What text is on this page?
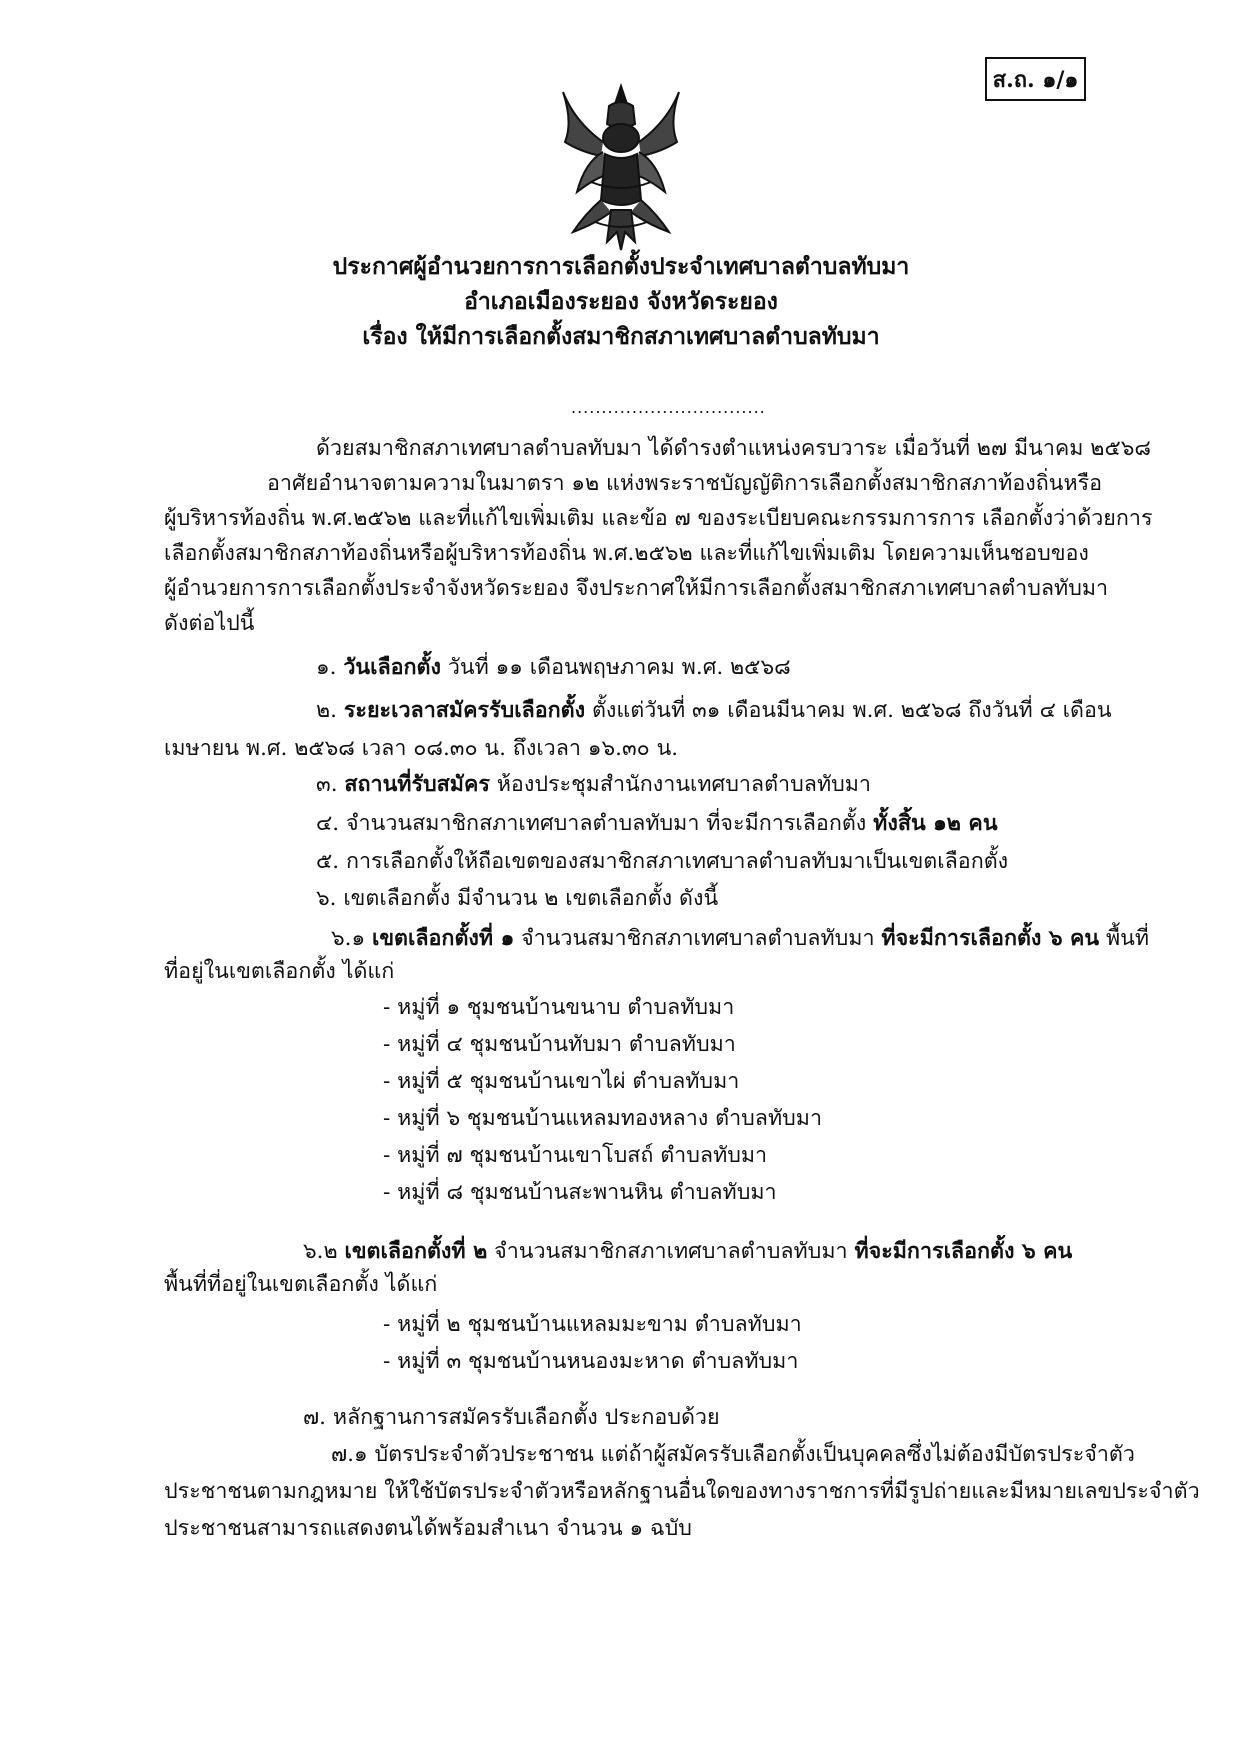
ส.ถ. ๑/๑
ประกาศผู้อำนวยการการเลือกตั้งประจำเทศบาลตำบลทับมา
อำเภอเมืองระยอง จังหวัดระยอง
เรื่อง ให้มีการเลือกตั้งสมาชิกสภาเทศบาลตำบลทับมา
................................
ด้วยสมาชิกสภาเทศบาลตำบลทับมา ได้ดำรงตำแหน่งครบวาระ เมื่อวันที่ ๒๗ มีนาคม ๒๕๖๘
อาศัยอำนาจตามความในมาตรา ๑๒ แห่งพระราชบัญญัติการเลือกตั้งสมาชิกสภาท้องถิ่นหรือ
ผู้บริหารท้องถิ่น พ.ศ.๒๕๖๒ และที่แก้ไขเพิ่มเติม และข้อ ๗ ของระเบียบคณะกรรมการการ เลือกตั้งว่าด้วยการ
เลือกตั้งสมาชิกสภาท้องถิ่นหรือผู้บริหารท้องถิ่น พ.ศ.๒๕๖๒ และที่แก้ไขเพิ่มเติม โดยความเห็นชอบของ
ผู้อำนวยการการเลือกตั้งประจำจังหวัดระยอง จึงประกาศให้มีการเลือกตั้งสมาชิกสภาเทศบาลตำบลทับมา
ดังต่อไปนี้
๑. วันเลือกตั้ง วันที่ ๑๑ เดือนพฤษภาคม พ.ศ. ๒๕๖๘
๒. ระยะเวลาสมัครรับเลือกตั้ง ตั้งแต่วันที่ ๓๑ เดือนมีนาคม พ.ศ. ๒๕๖๘ ถึงวันที่ ๔ เดือน
เมษายน พ.ศ. ๒๕๖๘ เวลา ๐๘.๓๐ น. ถึงเวลา ๑๖.๓๐ น.
๓. สถานที่รับสมัคร ห้องประชุมสำนักงานเทศบาลตำบลทับมา
๔. จำนวนสมาชิกสภาเทศบาลตำบลทับมา ที่จะมีการเลือกตั้ง ทั้งสิ้น ๑๒ คน
๕. การเลือกตั้งให้ถือเขตของสมาชิกสภาเทศบาลตำบลทับมาเป็นเขตเลือกตั้ง
๖. เขตเลือกตั้ง มีจำนวน ๒ เขตเลือกตั้ง ดังนี้
๖.๑ เขตเลือกตั้งที่ ๑ จำนวนสมาชิกสภาเทศบาลตำบลทับมา ที่จะมีการเลือกตั้ง ๖ คน พื้นที่
ที่อยู่ในเขตเลือกตั้ง ได้แก่
- หมู่ที่ ๑ ชุมชนบ้านขนาบ ตำบลทับมา
- หมู่ที่ ๔ ชุมชนบ้านทับมา ตำบลทับมา
- หมู่ที่ ๕ ชุมชนบ้านเขาไผ่ ตำบลทับมา
- หมู่ที่ ๖ ชุมชนบ้านแหลมทองหลาง ตำบลทับมา
- หมู่ที่ ๗ ชุมชนบ้านเขาโบสถ์ ตำบลทับมา
- หมู่ที่ ๘ ชุมชนบ้านสะพานหิน ตำบลทับมา
๖.๒ เขตเลือกตั้งที่ ๒ จำนวนสมาชิกสภาเทศบาลตำบลทับมา ที่จะมีการเลือกตั้ง ๖ คน
พื้นที่ที่อยู่ในเขตเลือกตั้ง ได้แก่
- หมู่ที่ ๒ ชุมชนบ้านแหลมมะขาม ตำบลทับมา
- หมู่ที่ ๓ ชุมชนบ้านหนองมะหาด ตำบลทับมา
๗. หลักฐานการสมัครรับเลือกตั้ง ประกอบด้วย
๗.๑ บัตรประจำตัวประชาชน แต่ถ้าผู้สมัครรับเลือกตั้งเป็นบุคคลซึ่งไม่ต้องมีบัตรประจำตัว
ประชาชนตามกฎหมาย ให้ใช้บัตรประจำตัวหรือหลักฐานอื่นใดของทางราชการที่มีรูปถ่ายและมีหมายเลขประจำตัว
ประชาชนสามารถแสดงตนได้พร้อมสำเนา จำนวน ๑ ฉบับ
